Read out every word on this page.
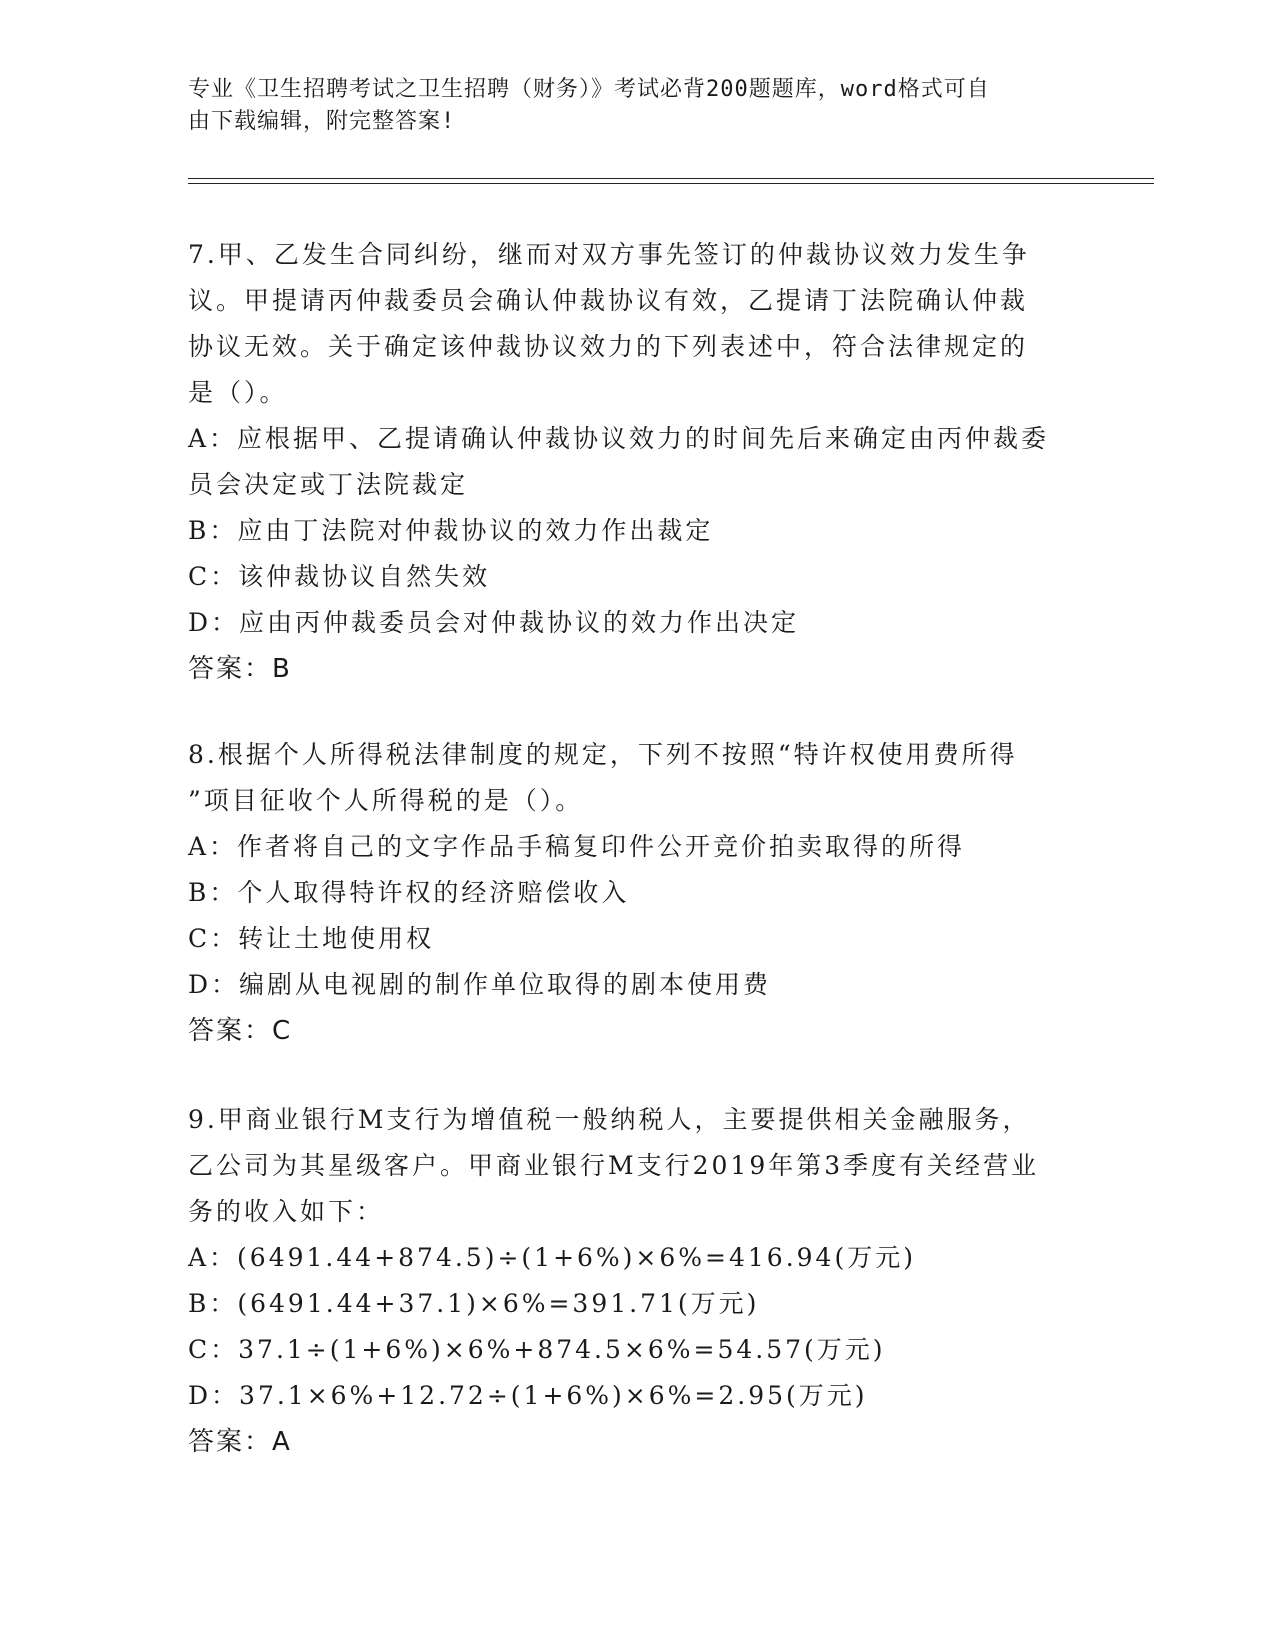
专业《卫生招聘考试之卫生招聘（财务）》考试必背200题题库，word格式可自

由下载编辑，附完整答案!

7.甲、乙发生合同纠纷，继而对双方事先签订的仲裁协议效力发生争

议。甲提请丙仲裁委员会确认仲裁协议有效，乙提请丁法院确认仲裁

协议无效。关于确定该仲裁协议效力的下列表述中，符合法律规定的

是（）。

A：应根据甲、乙提请确认仲裁协议效力的时间先后来确定由丙仲裁委

员会决定或丁法院裁定

B：应由丁法院对仲裁协议的效力作出裁定

C：该仲裁协议自然失效

D：应由丙仲裁委员会对仲裁协议的效力作出决定

答案：B

8.根据个人所得税法律制度的规定，下列不按照“特许权使用费所得

”项目征收个人所得税的是（）。

A：作者将自己的文字作品手稿复印件公开竞价拍卖取得的所得

B：个人取得特许权的经济赔偿收入

C：转让土地使用权

D：编剧从电视剧的制作单位取得的剧本使用费

答案：C

9.甲商业银行M支行为增值税一般纳税人，主要提供相关金融服务，

乙公司为其星级客户。甲商业银行M支行2019年第3季度有关经营业

务的收入如下：

A：(6491.44+874.5)÷(1+6%)×6%=416.94(万元)

B：(6491.44+37.1)×6%=391.71(万元)

C：37.1÷(1+6%)×6%+874.5×6%=54.57(万元)

D：37.1×6%+12.72÷(1+6%)×6%=2.95(万元)

答案：A
